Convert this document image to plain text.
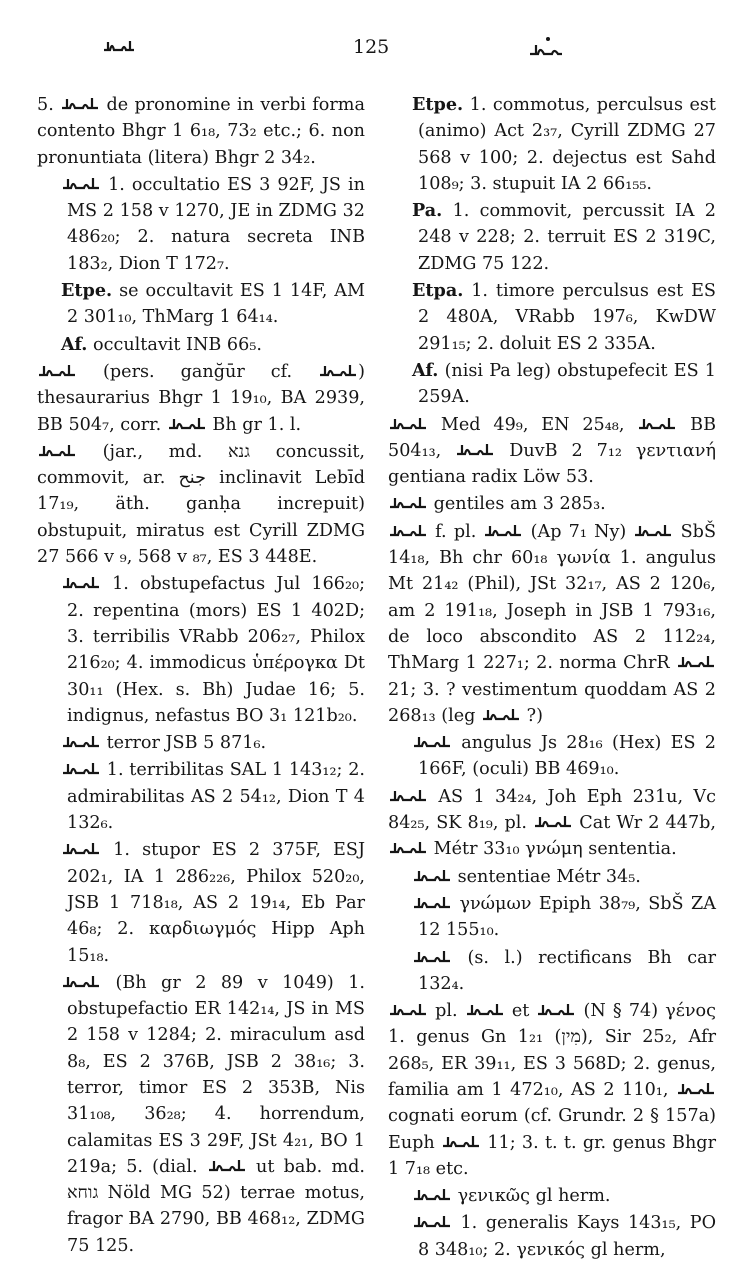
125

5.  de pronomine in verbi forma contento Bhgr 1 6₁₈, 73₂ etc.; 6. non pronuntiata (litera) Bhgr 2 34₂.

1. occultatio ES 3 92F, JS in MS 2 158 v 1270, JE in ZDMG 32 486₂₀; 2. natura secreta INB 183₂, Dion T 172₇.

Etpe. se occultavit ES 1 14F, AM 2 301₁₀, ThMarg 1 64₁₄.

Af. occultavit INB 66₅.

(pers. ganğūr cf. ) thesaurarius Bhgr 1 19₁₀, BA 2939, BB 504₇, corr.  Bh gr 1. l.

(jar., md. גנא concussit, commovit, ar. جنح inclinavit Lebīd 17₁₉, äth. ganḥa increpuit) obstupuit, miratus est Cyrill ZDMG 27 566 v ₉, 568 v ₈₇, ES 3 448E.

1. obstupefactus Jul 166₂₀; 2. repentina (mors) ES 1 402D; 3. terribilis VRabb 206₂₇, Philox 216₂₀; 4. immodicus ὑπέρογκα Dt 30₁₁ (Hex. s. Bh) Judae 16; 5. indignus, nefastus BO 3₁ 121b₂₀.

terror JSB 5 871₆.

1. terribilitas SAL 1 143₁₂; 2. admirabilitas AS 2 54₁₂, Dion T 4 132₆.

1. stupor ES 2 375F, ESJ 202₁, IA 1 286₂₂₆, Philox 520₂₀, JSB 1 718₁₈, AS 2 19₁₄, Eb Par 46₈; 2. καρδιωγμός Hipp Aph 15₁₈.

(Bh gr 2 89 v 1049) 1. obstupefactio ER 142₁₄, JS in MS 2 158 v 1284; 2. miraculum asd 8₈, ES 2 376B, JSB 2 38₁₆; 3. terror, timor ES 2 353B, Nis 31₁₀₈, 36₂₈; 4. horrendum, calamitas ES 3 29F, JSt 4₂₁, BO 1 219a; 5. (dial.  ut bab. md. גוחא Nöld MG 52) terrae motus, fragor BA 2790, BB 468₁₂, ZDMG 75 125.

Etpe. 1. commotus, perculsus est (animo) Act 2₃₇, Cyrill ZDMG 27 568 v 100; 2. dejectus est Sahd 108₉; 3. stupuit IA 2 66₁₅₅.

Pa. 1. commovit, percussit IA 2 248 v 228; 2. terruit ES 2 319C, ZDMG 75 122.

Etpa. 1. timore perculsus est ES 2 480A, VRabb 197₆, KwDW 291₁₅; 2. doluit ES 2 335A.

Af. (nisi Pa leg) obstupefecit ES 1 259A.

Med 49₉, EN 25₄₈,  BB 504₁₃,  DuvB 2 7₁₂ γεντιανή gentiana radix Löw 53.

gentiles am 3 285₃.

f. pl.  (Ap 7₁ Ny)  SbŠ 14₁₈, Bh chr 60₁₈ γωνία 1. angulus Mt 21₄₂ (Phil), JSt 32₁₇, AS 2 120₆, am 2 191₁₈, Joseph in JSB 1 793₁₆, de loco abscondito AS 2 112₂₄, ThMarg 1 227₁; 2. norma ChrR  21; 3. ? vestimentum quoddam AS 2 268₁₃ (leg  ?)

angulus Js 28₁₆ (Hex) ES 2 166F, (oculi) BB 469₁₀.

AS 1 34₂₄, Joh Eph 231u, Vc 84₂₅, SK 8₁₉, pl.  Cat Wr 2 447b,  Métr 33₁₀ γνώμη sententia.

sententiae Métr 34₅.

γνώμων Epiph 38₇₉, SbŠ ZA 12 155₁₀.

(s. l.) rectificans Bh car 132₄.

pl.  et  (N § 74) γένος 1. genus Gn 1₂₁ (מִין), Sir 25₂, Afr 268₅, ER 39₁₁, ES 3 568D; 2. genus, familia am 1 472₁₀, AS 2 110₁,  cognati eorum (cf. Grundr. 2 § 157a) Euph  11; 3. t. t. gr. genus Bhgr 1 7₁₈ etc.

γενικῶς gl herm.

1. generalis Kays 143₁₅, PO 8 348₁₀; 2. γενικός gl herm,
